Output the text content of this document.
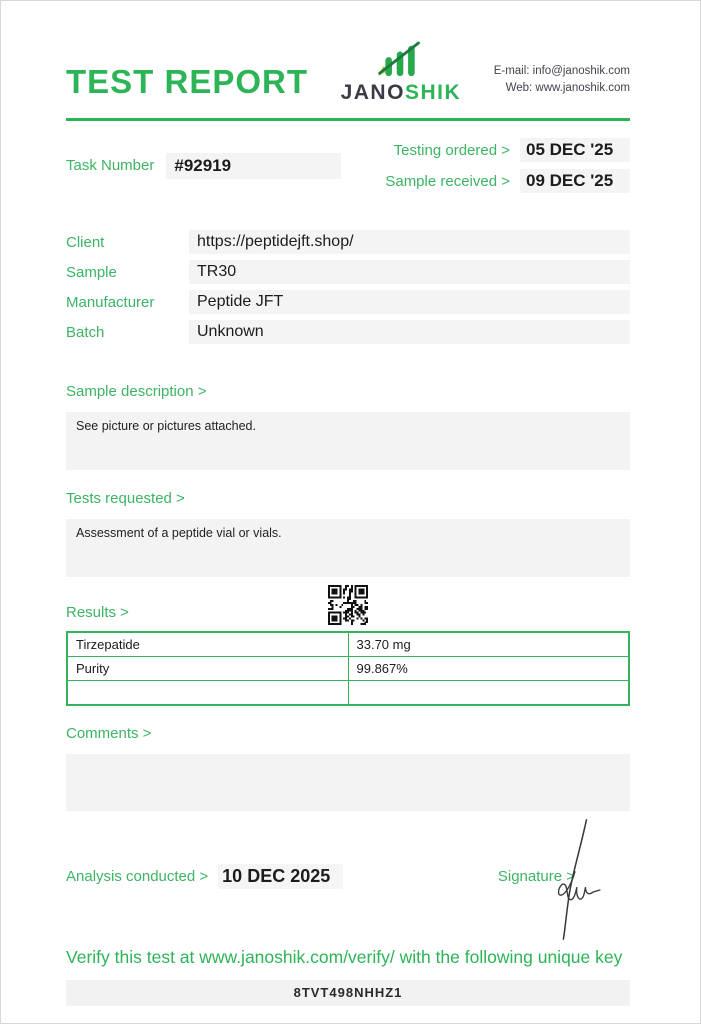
TEST REPORT JANOSHIK
E-mail: info@janoshik.com
Web: www.janoshik.com
Task Number	#92919
Testing ordered > 05 DEC '25
Sample received > 09 DEC '25
Client	https://peptidejft.shop/
Sample	TR30
Manufacturer	Peptide JFT
Batch	Unknown
Sample description >
See picture or pictures attached.
Tests requested >
Assessment of a peptide vial or vials.
Results >
Tirzepatide	33.70 mg
Purity	99.867%

Comments >
Analysis conducted > 10 DEC 2025	Signature >
Verify this test at www.janoshik.com/verify/ with the following unique key
8TVT498NHHZ1
